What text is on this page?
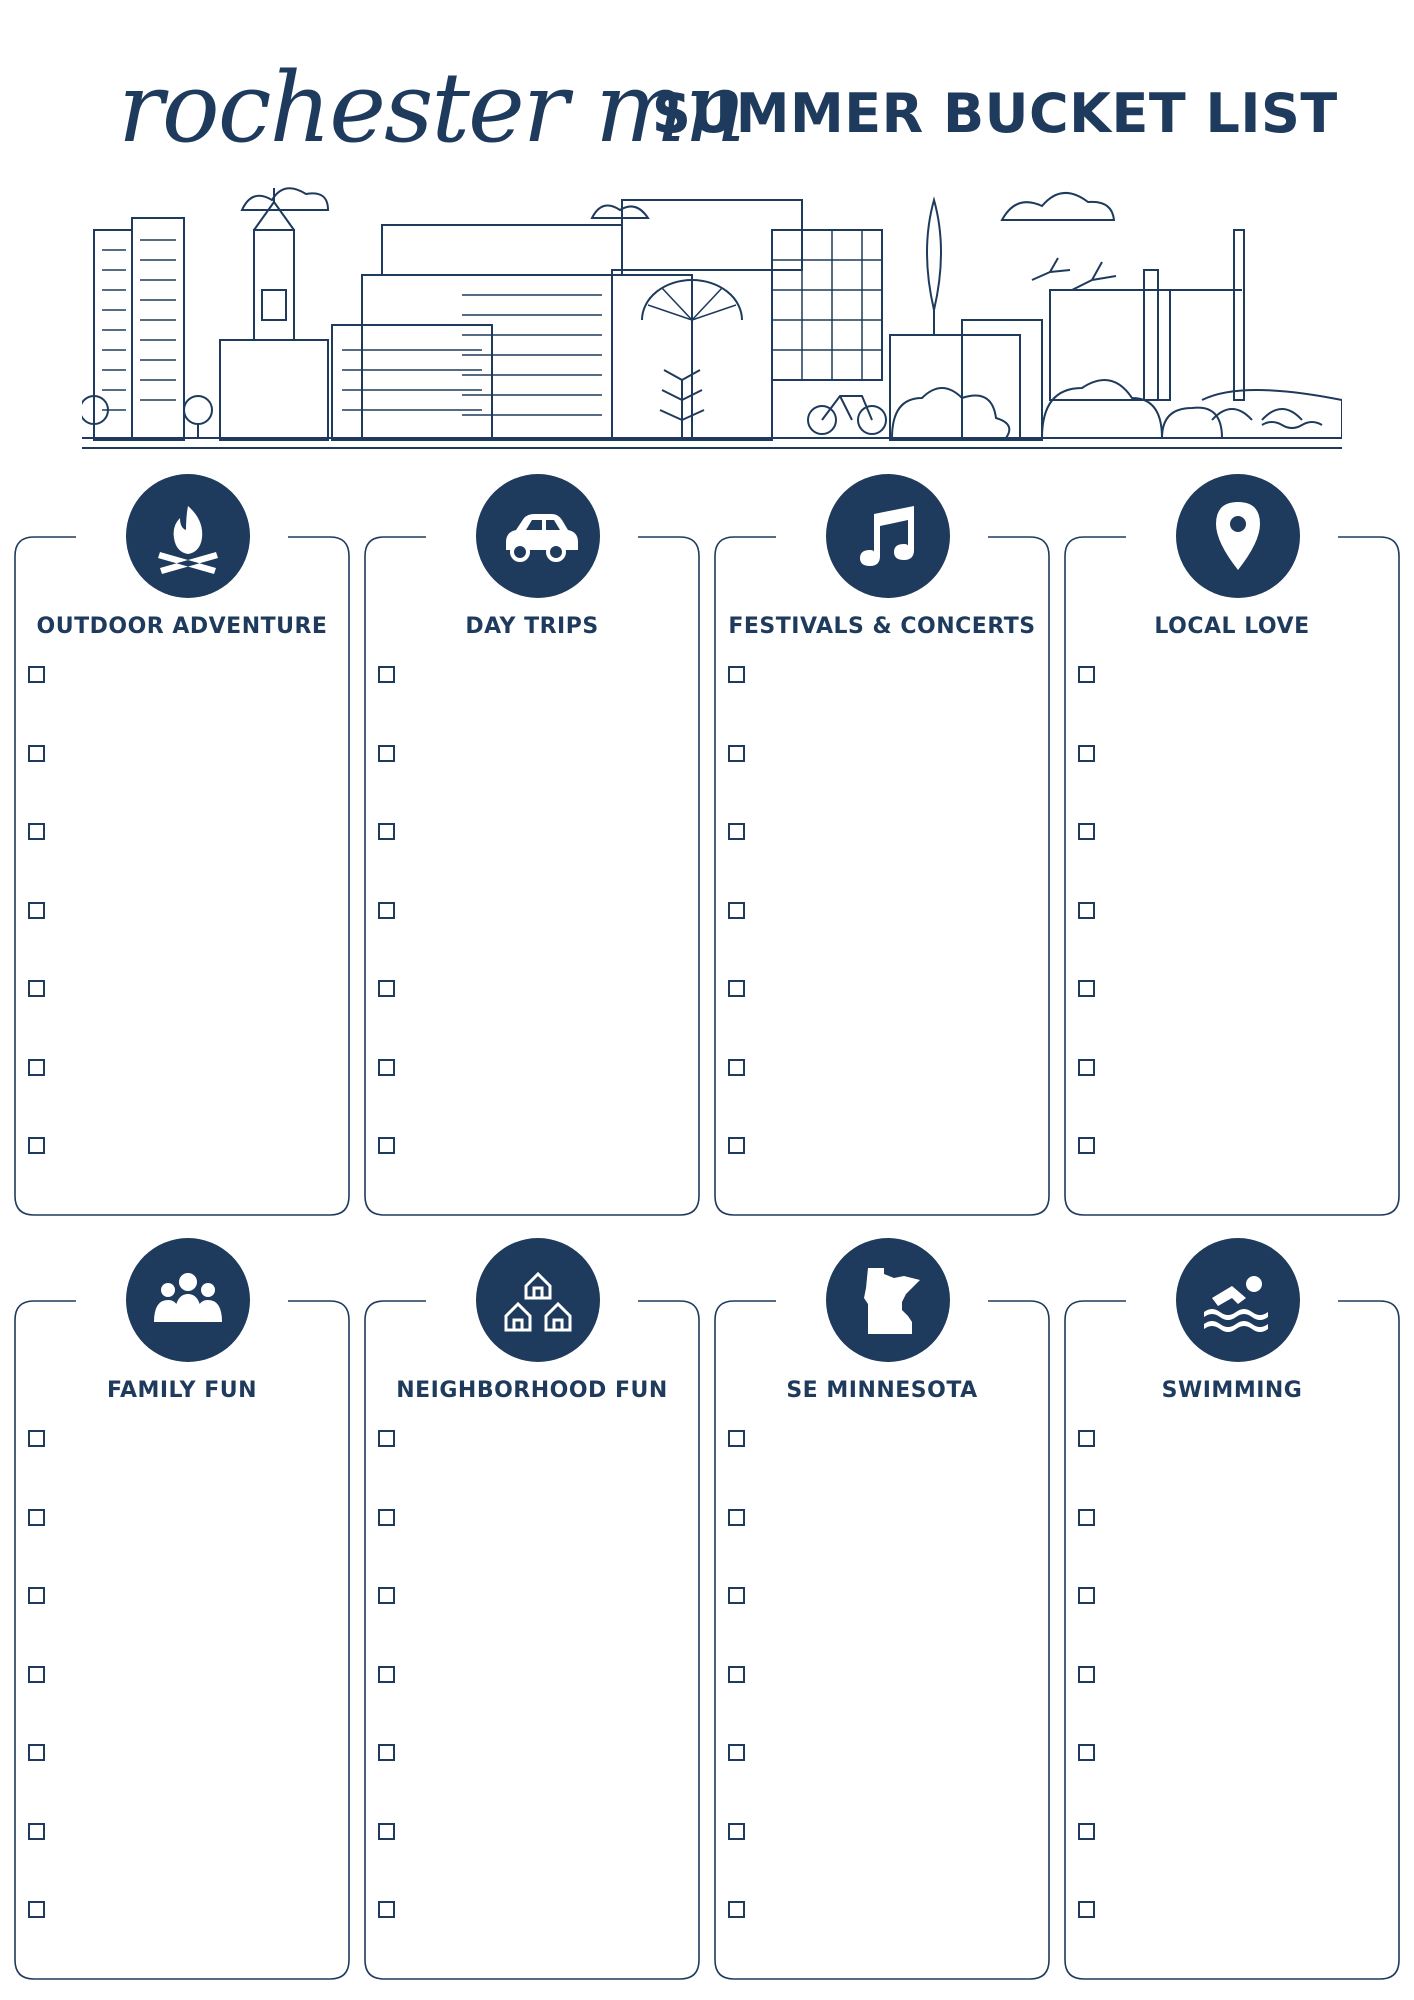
rochester mn
SUMMER BUCKET LIST
OUTDOOR ADVENTURE	DAY TRIPS	FESTIVALS & CONCERTS	LOCAL LOVE
FAMILY FUN	NEIGHBORHOOD FUN	SE MINNESOTA	SWIMMING
